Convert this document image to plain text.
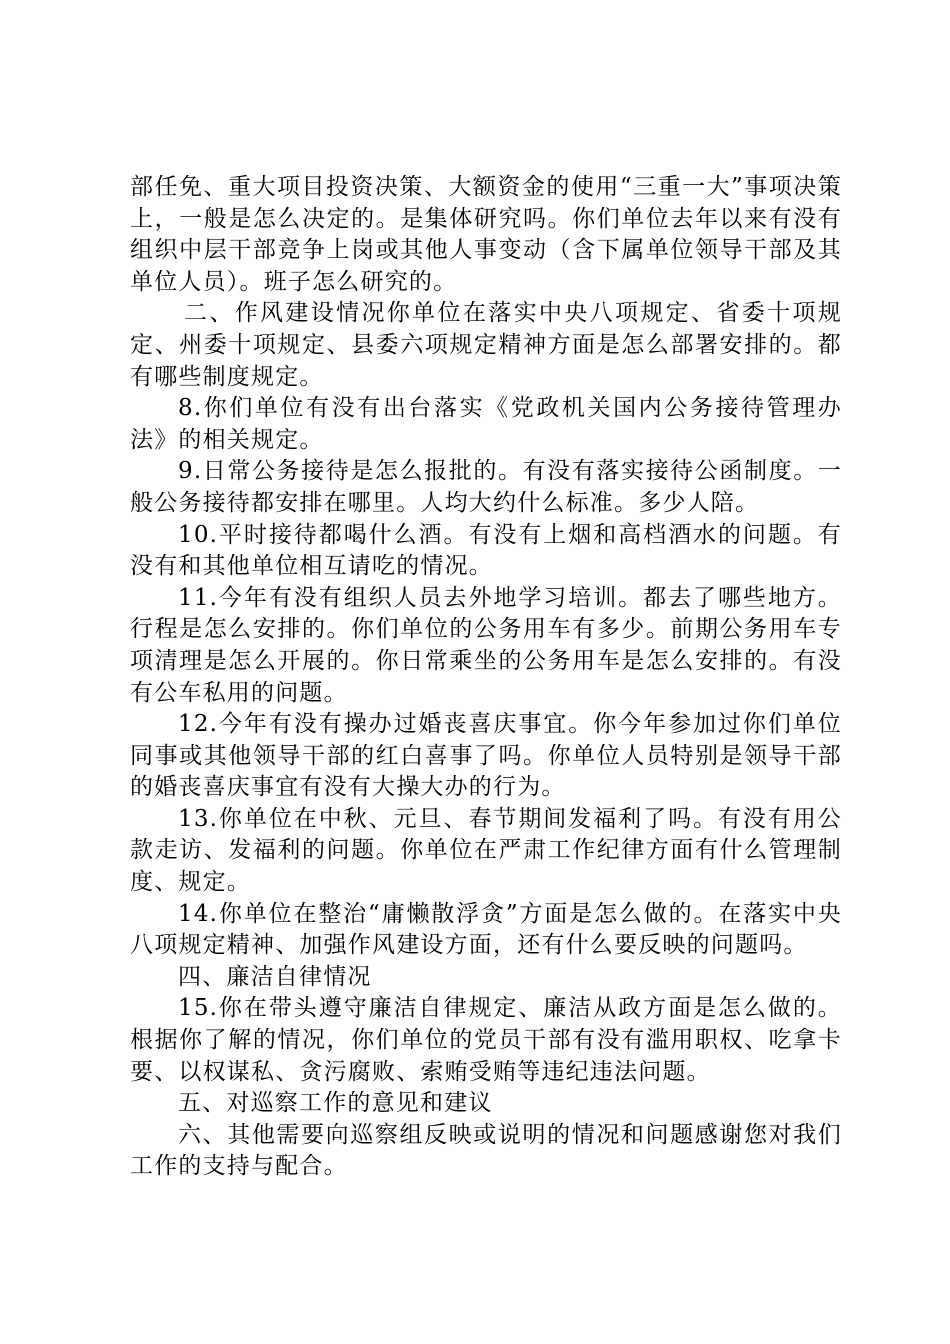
部任免、重大项目投资决策、大额资金的使用“三重一大”事项决策上，一般是怎么决定的。是集体研究吗。你们单位去年以来有没有组织中层干部竞争上岗或其他人事变动（含下属单位领导干部及其单位人员）。班子怎么研究的。

二、作风建设情况你单位在落实中央八项规定、省委十项规定、州委十项规定、县委六项规定精神方面是怎么部署安排的。都有哪些制度规定。

8.你们单位有没有出台落实《党政机关国内公务接待管理办法》的相关规定。

9.日常公务接待是怎么报批的。有没有落实接待公函制度。一般公务接待都安排在哪里。人均大约什么标准。多少人陪。

10.平时接待都喝什么酒。有没有上烟和高档酒水的问题。有没有和其他单位相互请吃的情况。

11.今年有没有组织人员去外地学习培训。都去了哪些地方。行程是怎么安排的。你们单位的公务用车有多少。前期公务用车专项清理是怎么开展的。你日常乘坐的公务用车是怎么安排的。有没有公车私用的问题。

12.今年有没有操办过婚丧喜庆事宜。你今年参加过你们单位同事或其他领导干部的红白喜事了吗。你单位人员特别是领导干部的婚丧喜庆事宜有没有大操大办的行为。

13.你单位在中秋、元旦、春节期间发福利了吗。有没有用公款走访、发福利的问题。你单位在严肃工作纪律方面有什么管理制度、规定。

14.你单位在整治“庸懒散浮贪”方面是怎么做的。在落实中央八项规定精神、加强作风建设方面，还有什么要反映的问题吗。

四、廉洁自律情况

15.你在带头遵守廉洁自律规定、廉洁从政方面是怎么做的。根据你了解的情况，你们单位的党员干部有没有滥用职权、吃拿卡要、以权谋私、贪污腐败、索贿受贿等违纪违法问题。

五、对巡察工作的意见和建议

六、其他需要向巡察组反映或说明的情况和问题感谢您对我们工作的支持与配合。
